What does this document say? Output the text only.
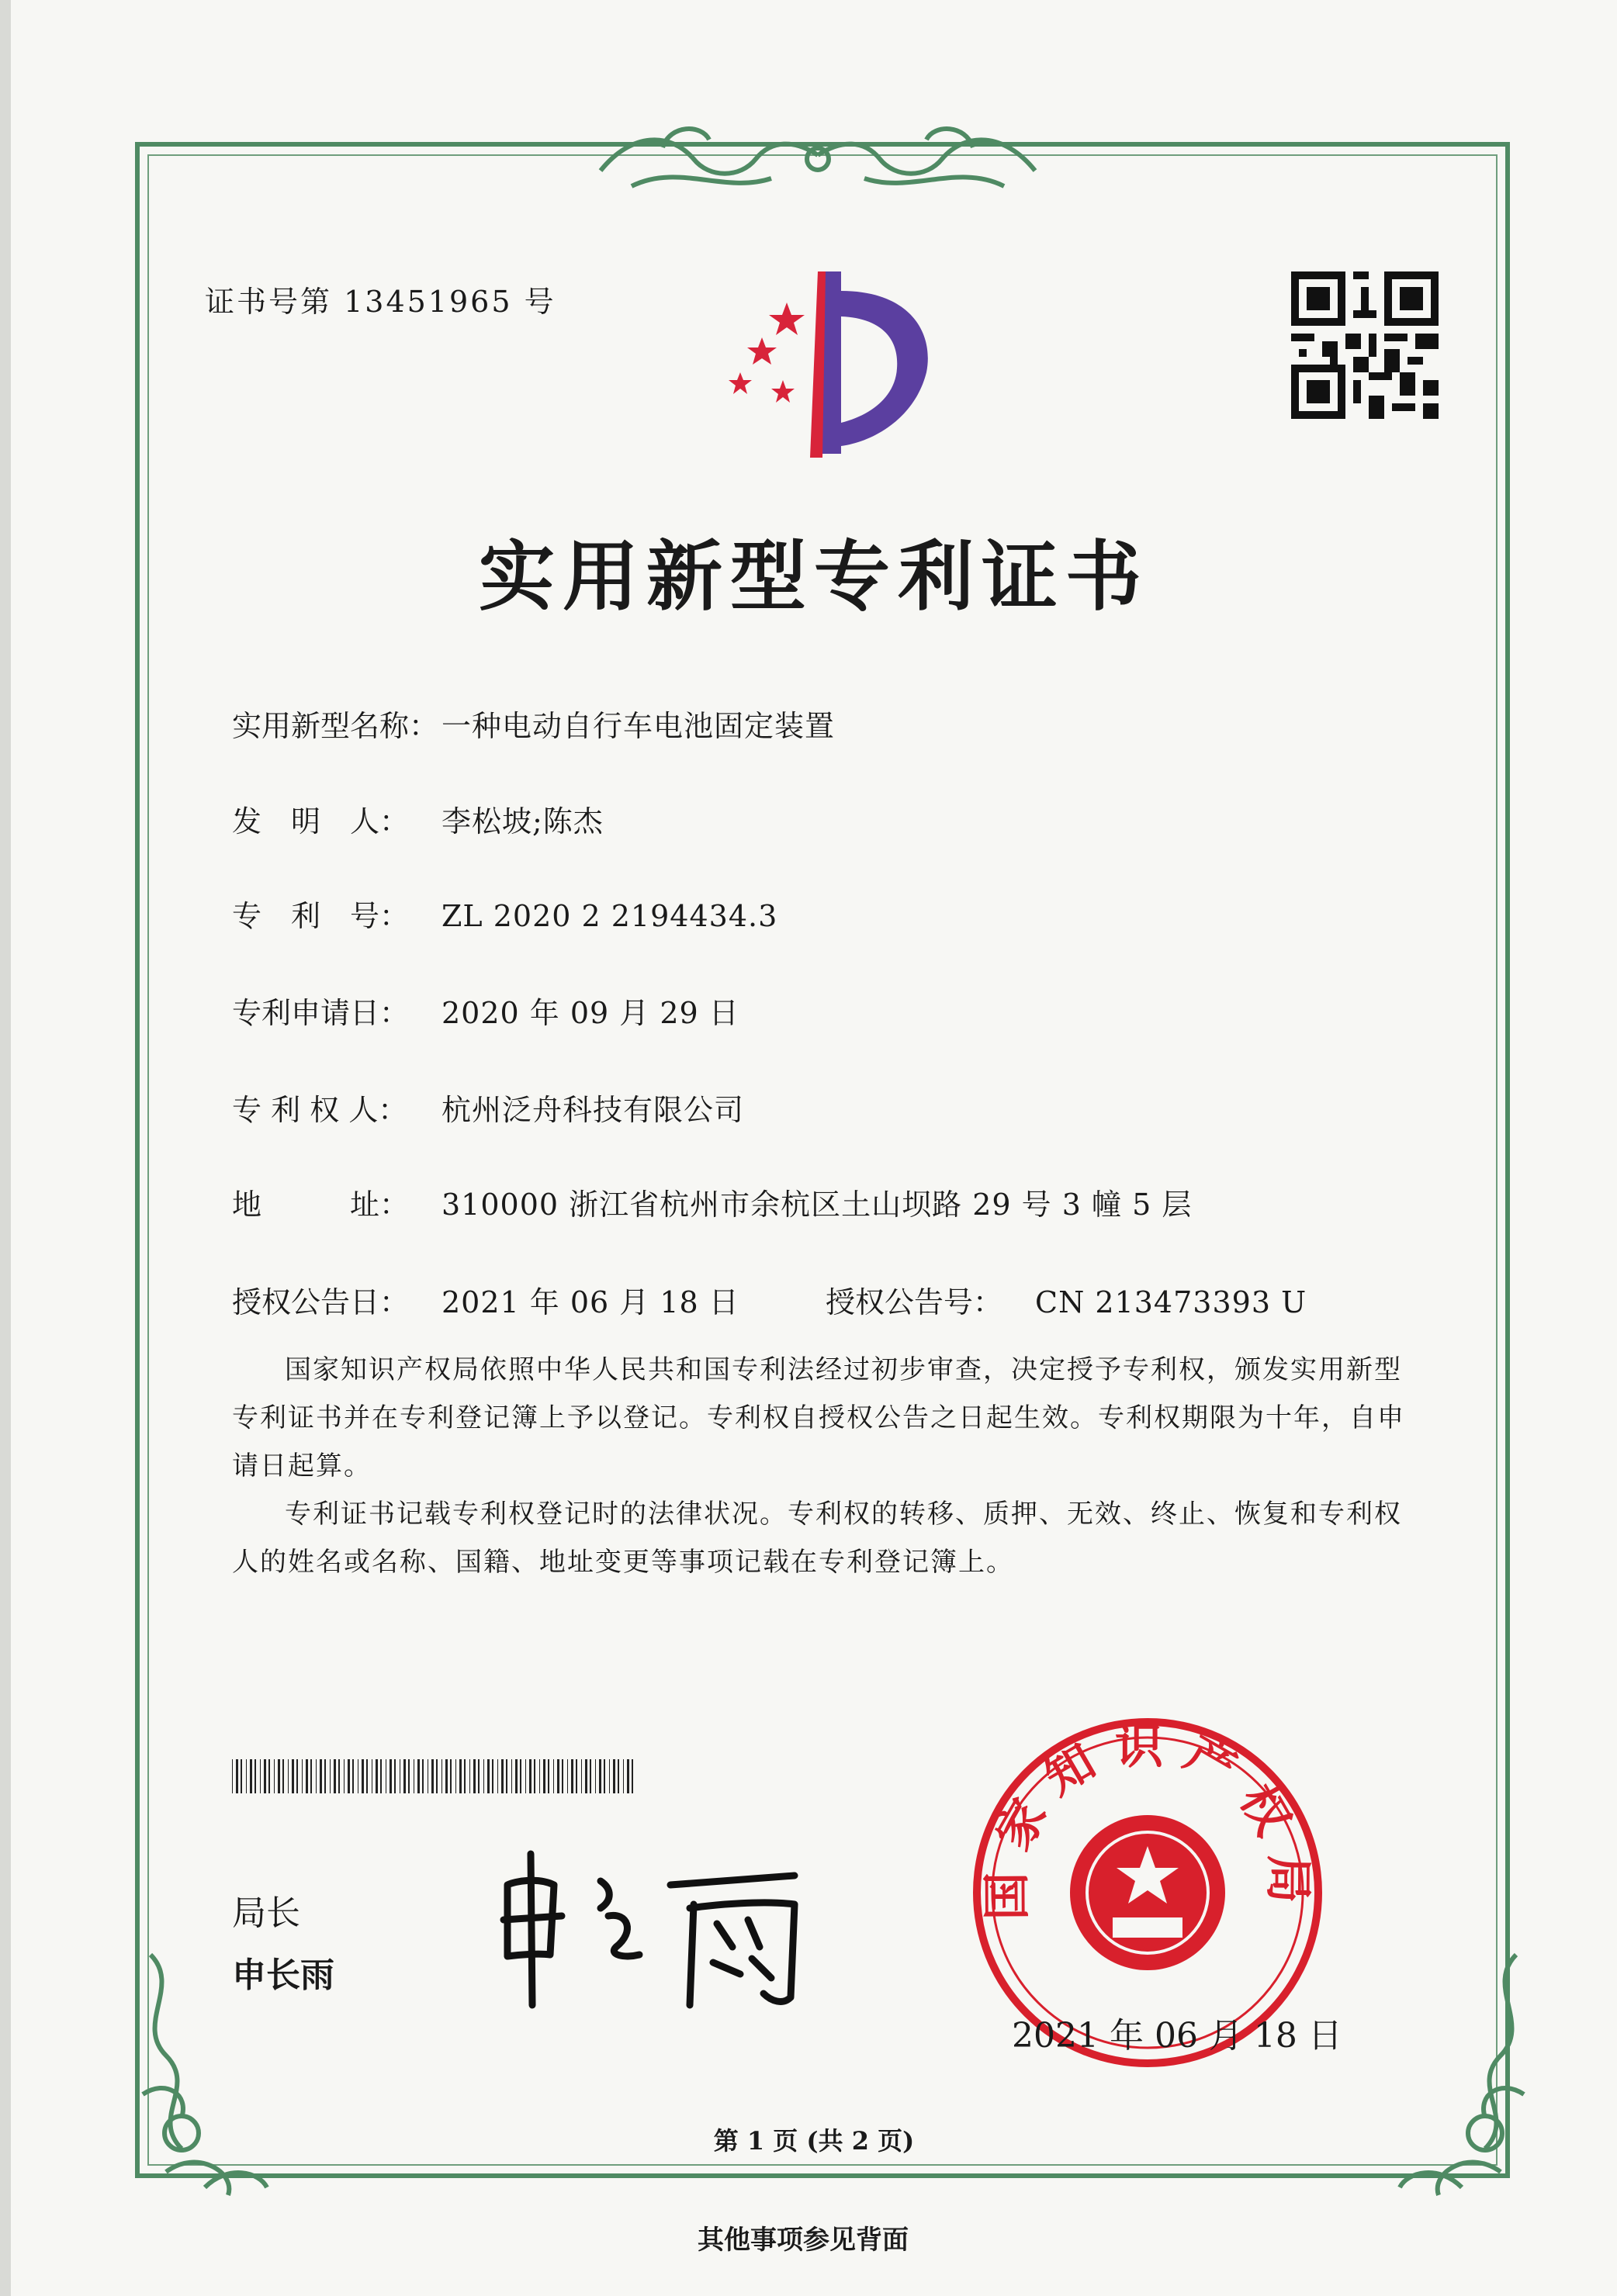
证书号第 13451965 号
实用新型专利证书
实用新型名称： 一种电动自行车电池固定装置
发　明　人：	李松坡;陈杰
专　利　号：	ZL 2020 2 2194434.3
专利申请日：	2020 年 09 月 29 日
专 利 权 人：	杭州泛舟科技有限公司
地　　　址：	310000 浙江省杭州市余杭区土山坝路 29 号 3 幢 5 层
授权公告日：	2021 年 06 月 18 日	授权公告号：	CN 213473393 U

国家知识产权局依照中华人民共和国专利法经过初步审查，决定授予专利权，颁发实用新型专利证书并在专利登记簿上予以登记。专利权自授权公告之日起生效。专利权期限为十年，自申请日起算。

专利证书记载专利权登记时的法律状况。专利权的转移、质押、无效、终止、恢复和专利权人的姓名或名称、国籍、地址变更等事项记载在专利登记簿上。

局长
申长雨
国家知识产权局
2021 年 06 月 18 日
第 1 页 (共 2 页)
其他事项参见背面
